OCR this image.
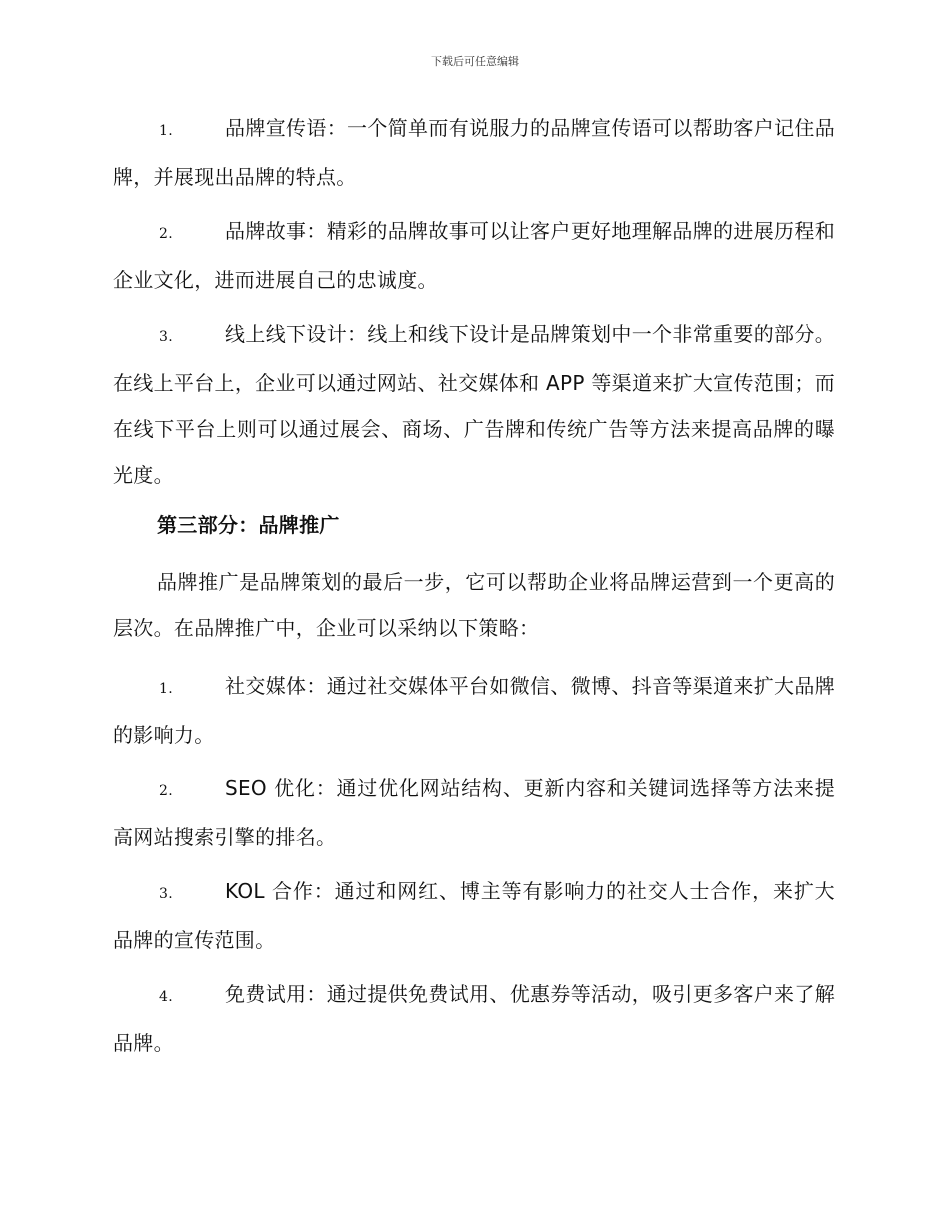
下载后可任意编辑

1.	品牌宣传语：一个简单而有说服力的品牌宣传语可以帮助客户记住品牌，并展现出品牌的特点。

2.	品牌故事：精彩的品牌故事可以让客户更好地理解品牌的进展历程和企业文化，进而进展自己的忠诚度。

3.	线上线下设计：线上和线下设计是品牌策划中一个非常重要的部分。在线上平台上，企业可以通过网站、社交媒体和 APP 等渠道来扩大宣传范围；而在线下平台上则可以通过展会、商场、广告牌和传统广告等方法来提高品牌的曝光度。

第三部分：品牌推广

品牌推广是品牌策划的最后一步，它可以帮助企业将品牌运营到一个更高的层次。在品牌推广中，企业可以采纳以下策略：

1.	社交媒体：通过社交媒体平台如微信、微博、抖音等渠道来扩大品牌的影响力。

2.	SEO 优化：通过优化网站结构、更新内容和关键词选择等方法来提高网站搜索引擎的排名。

3.	KOL 合作：通过和网红、博主等有影响力的社交人士合作，来扩大品牌的宣传范围。

4.	免费试用：通过提供免费试用、优惠券等活动，吸引更多客户来了解品牌。
